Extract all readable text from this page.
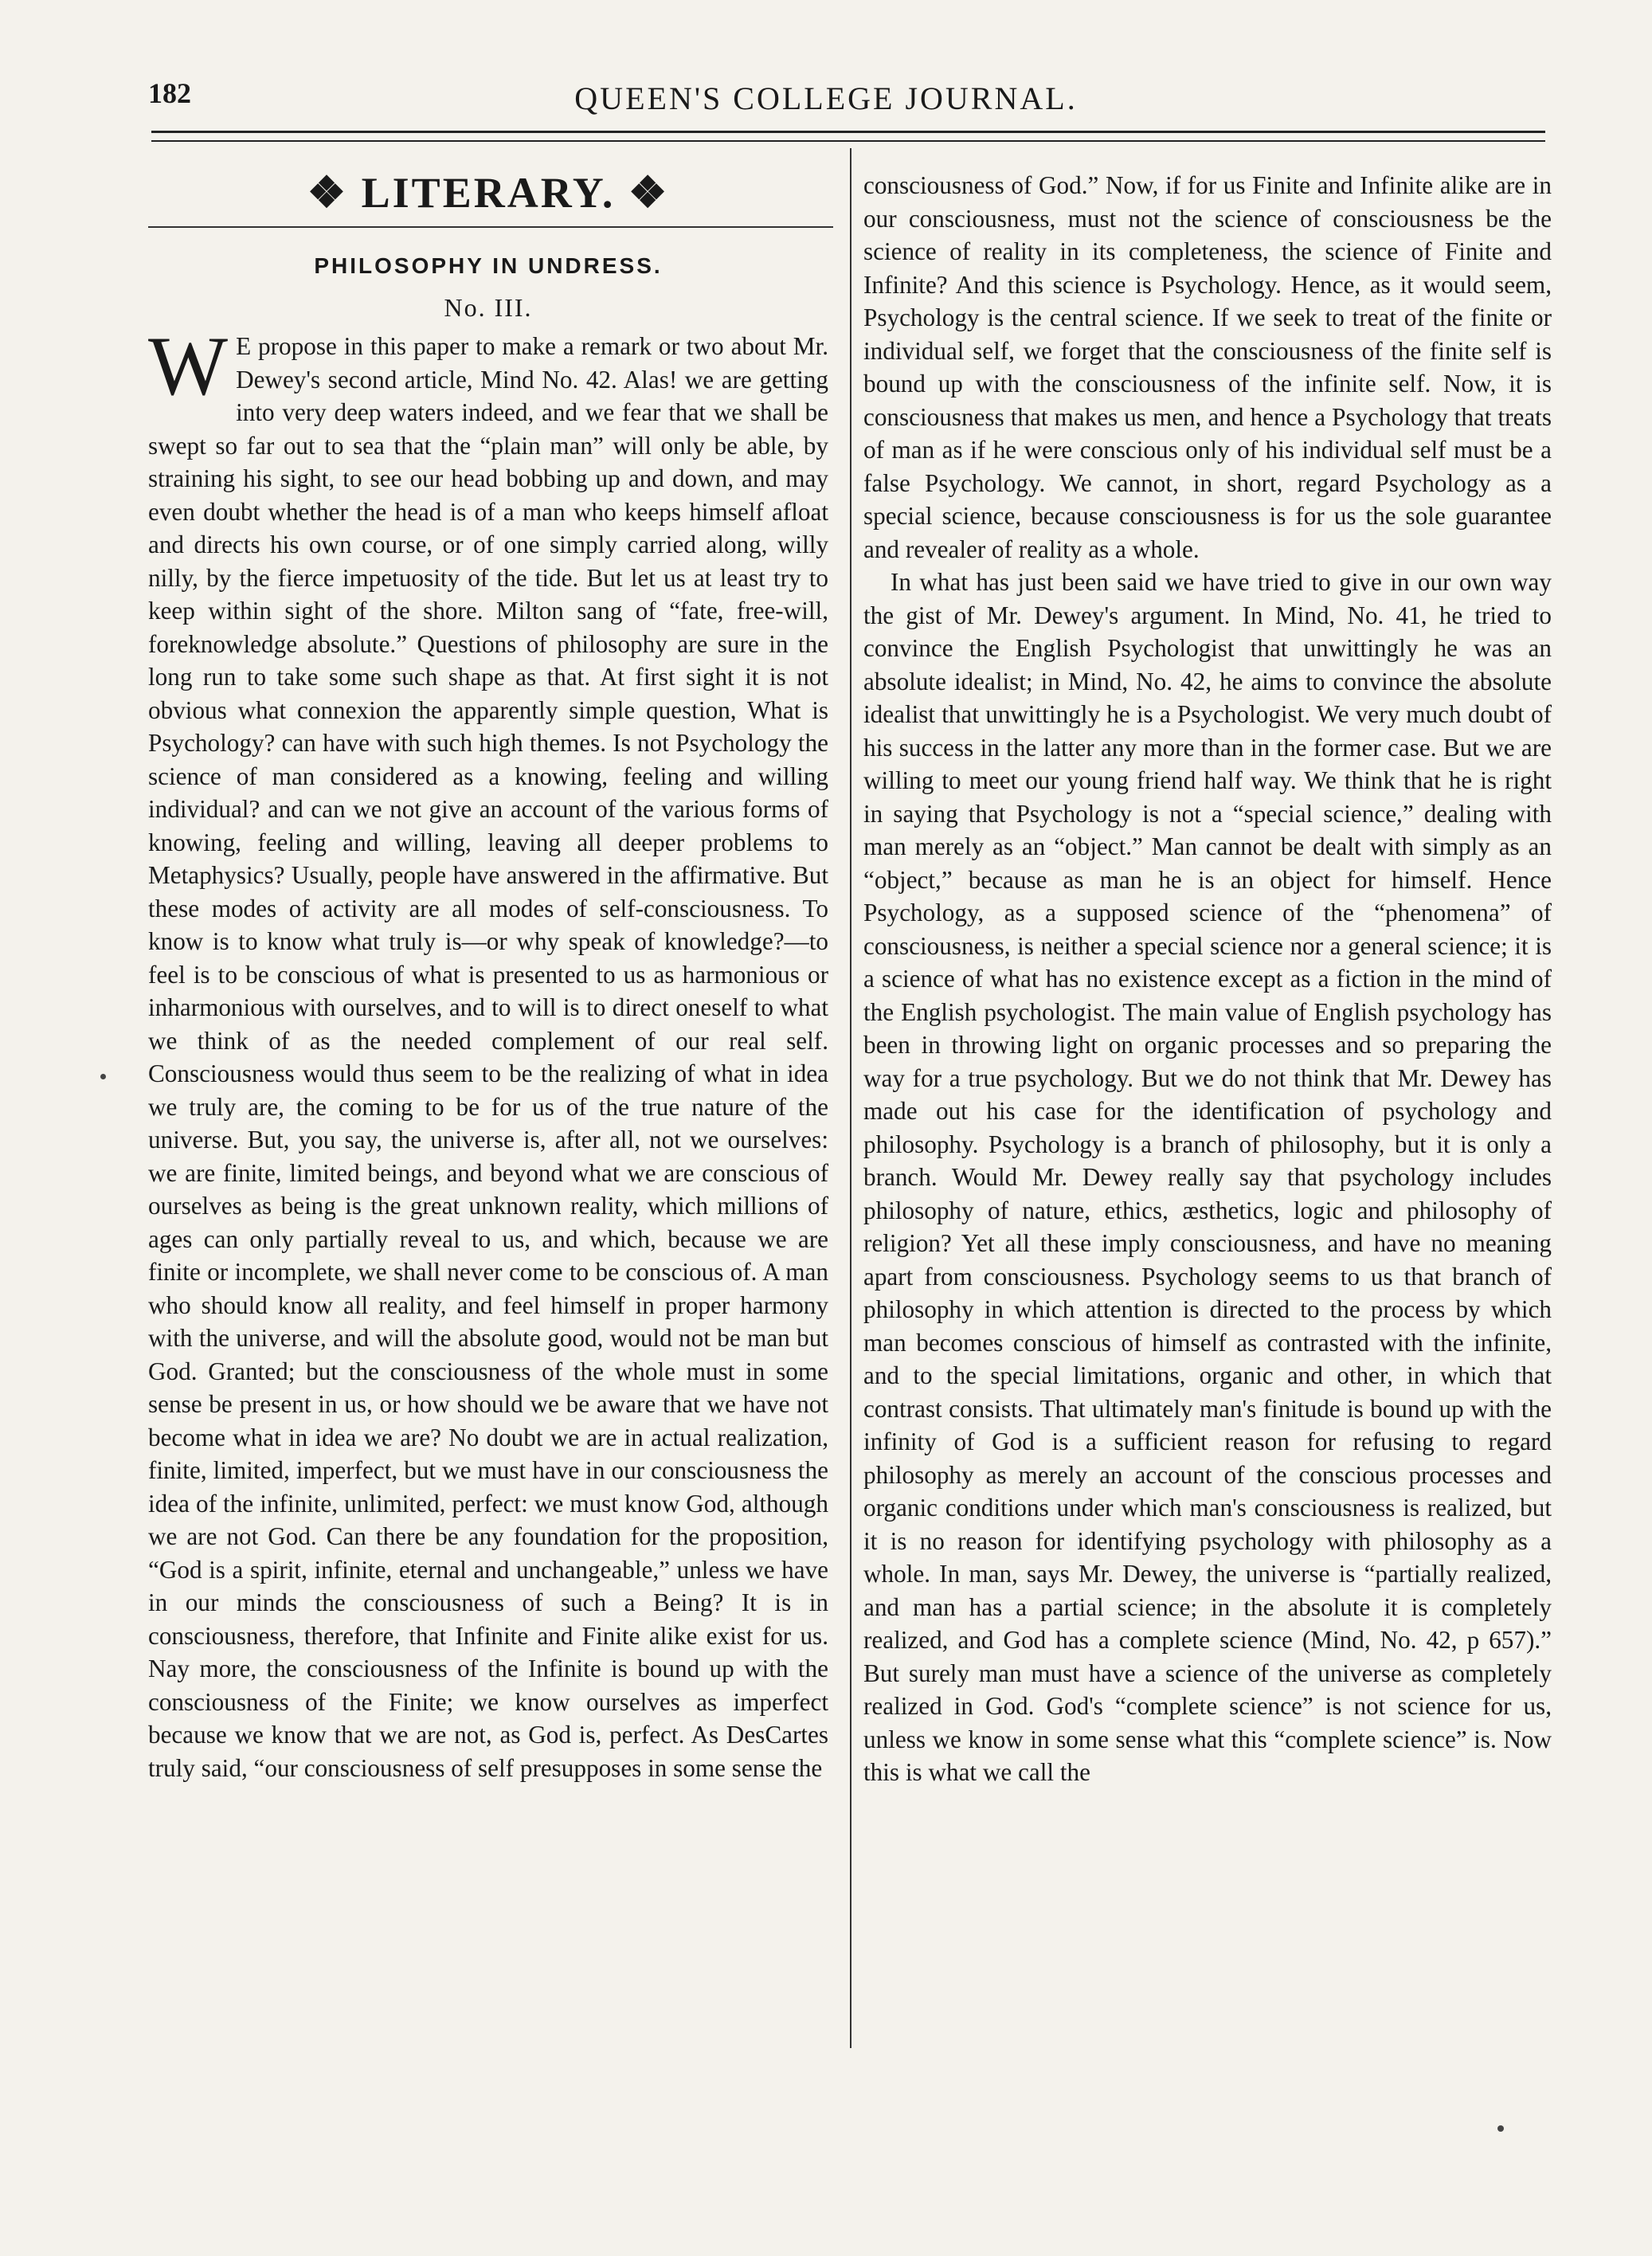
182	QUEEN'S COLLEGE JOURNAL.
❖ LITERARY. ❖
PHILOSOPHY IN UNDRESS.
No. III.

W E propose in this paper to make a remark or two about Mr. Dewey's second article, Mind No. 42. Alas! we are getting into very deep waters indeed, and we fear that we shall be swept so far out to sea that the “plain man” will only be able, by straining his sight, to see our head bobbing up and down, and may even doubt whether the head is of a man who keeps himself afloat and directs his own course, or of one simply carried along, willy nilly, by the fierce impetuosity of the tide. But let us at least try to keep within sight of the shore. Milton sang of “fate, free-will, foreknowledge absolute.” Questions of philosophy are sure in the long run to take some such shape as that. At first sight it is not obvious what connexion the apparently simple question, What is Psychology? can have with such high themes. Is not Psychology the science of man considered as a knowing, feeling and willing individual? and can we not give an account of the various forms of knowing, feeling and willing, leaving all deeper problems to Metaphysics? Usually, people have answered in the affirmative. But these modes of activity are all modes of self-consciousness. To know is to know what truly is—or why speak of knowledge?—to feel is to be conscious of what is presented to us as harmonious or inharmonious with ourselves, and to will is to direct oneself to what we think of as the needed complement of our real self. Consciousness would thus seem to be the realizing of what in idea we truly are, the coming to be for us of the true nature of the universe. But, you say, the universe is, after all, not we ourselves: we are finite, limited beings, and beyond what we are conscious of ourselves as being is the great unknown reality, which millions of ages can only partially reveal to us, and which, because we are finite or incomplete, we shall never come to be conscious of. A man who should know all reality, and feel himself in proper harmony with the universe, and will the absolute good, would not be man but God. Granted; but the consciousness of the whole must in some sense be present in us, or how should we be aware that we have not become what in idea we are? No doubt we are in actual realization, finite, limited, imperfect, but we must have in our consciousness the idea of the infinite, unlimited, perfect: we must know God, although we are not God. Can there be any foundation for the proposition, “God is a spirit, infinite, eternal and unchangeable,” unless we have in our minds the consciousness of such a Being? It is in consciousness, therefore, that Infinite and Finite alike exist for us. Nay more, the consciousness of the Infinite is bound up with the consciousness of the Finite; we know ourselves as imperfect because we know that we are not, as God is, perfect. As DesCartes truly said, “our consciousness of self presupposes in some sense the

consciousness of God.” Now, if for us Finite and Infinite alike are in our consciousness, must not the science of consciousness be the science of reality in its completeness, the science of Finite and Infinite? And this science is Psychology. Hence, as it would seem, Psychology is the central science. If we seek to treat of the finite or individual self, we forget that the consciousness of the finite self is bound up with the consciousness of the infinite self. Now, it is consciousness that makes us men, and hence a Psychology that treats of man as if he were conscious only of his individual self must be a false Psychology. We cannot, in short, regard Psychology as a special science, because consciousness is for us the sole guarantee and revealer of reality as a whole.

In what has just been said we have tried to give in our own way the gist of Mr. Dewey's argument. In Mind, No. 41, he tried to convince the English Psychologist that unwittingly he was an absolute idealist; in Mind, No. 42, he aims to convince the absolute idealist that unwittingly he is a Psychologist. We very much doubt of his success in the latter any more than in the former case. But we are willing to meet our young friend half way. We think that he is right in saying that Psychology is not a “special science,” dealing with man merely as an “object.” Man cannot be dealt with simply as an “object,” because as man he is an object for himself. Hence Psychology, as a supposed science of the “phenomena” of consciousness, is neither a special science nor a general science; it is a science of what has no existence except as a fiction in the mind of the English psychologist. The main value of English psychology has been in throwing light on organic processes and so preparing the way for a true psychology. But we do not think that Mr. Dewey has made out his case for the identification of psychology and philosophy. Psychology is a branch of philosophy, but it is only a branch. Would Mr. Dewey really say that psychology includes philosophy of nature, ethics, æsthetics, logic and philosophy of religion? Yet all these imply consciousness, and have no meaning apart from consciousness. Psychology seems to us that branch of philosophy in which attention is directed to the process by which man becomes conscious of himself as contrasted with the infinite, and to the special limitations, organic and other, in which that contrast consists. That ultimately man's finitude is bound up with the infinity of God is a sufficient reason for refusing to regard philosophy as merely an account of the conscious processes and organic conditions under which man's consciousness is realized, but it is no reason for identifying psychology with philosophy as a whole. In man, says Mr. Dewey, the universe is “partially realized, and man has a partial science; in the absolute it is completely realized, and God has a complete science (Mind, No. 42, p 657).” But surely man must have a science of the universe as completely realized in God. God's “complete science” is not science for us, unless we know in some sense what this “complete science” is. Now this is what we call the
